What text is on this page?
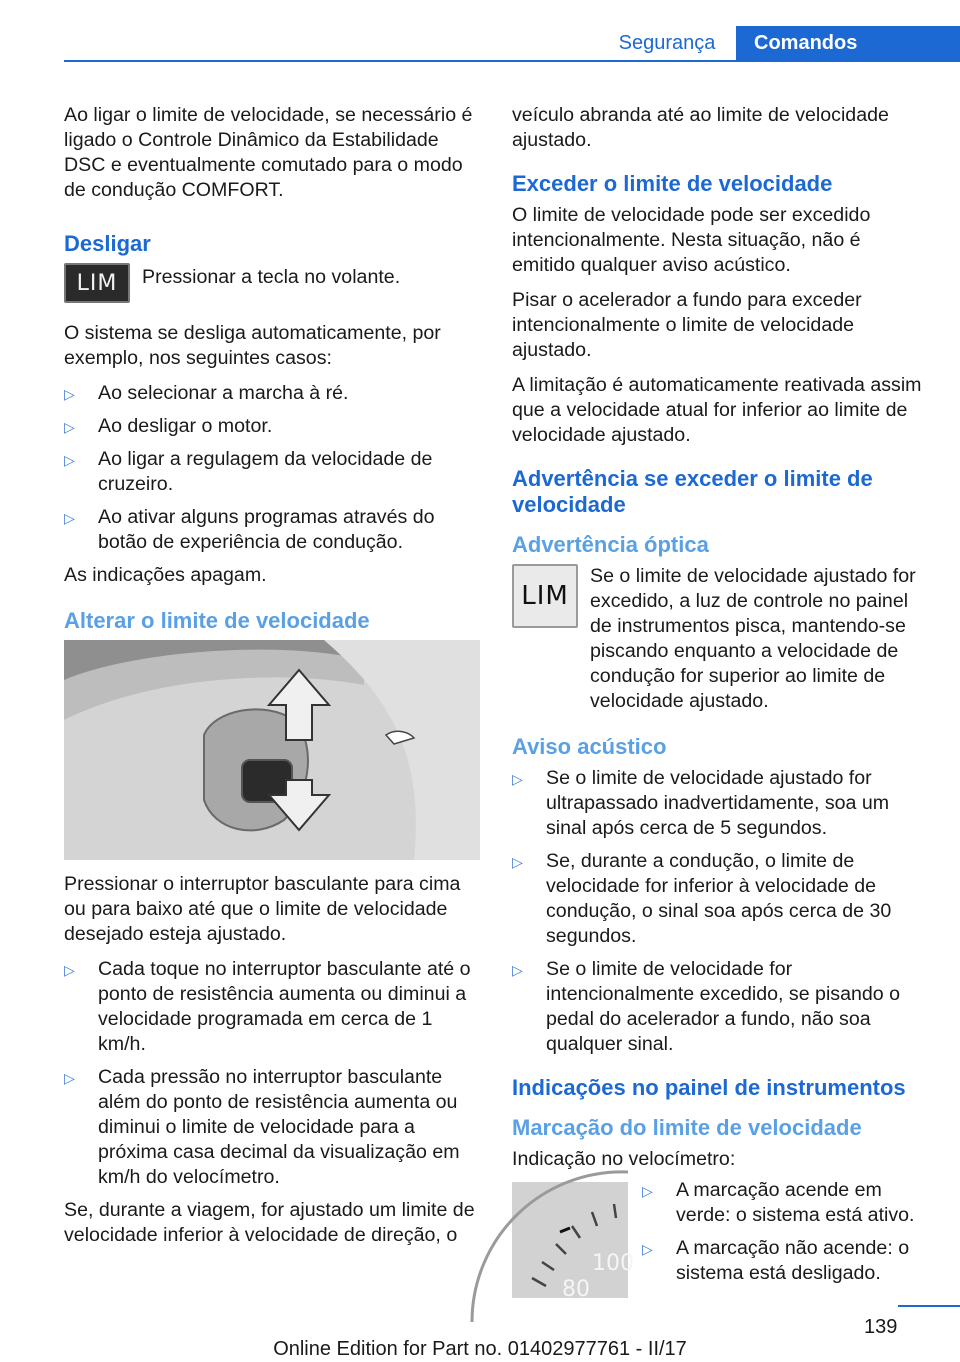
Segurança	Comandos

Ao ligar o limite de velocidade, se necessário é ligado o Controle Dinâmico da Estabilidade DSC e eventualmente comutado para o modo de condução COMFORT.

Desligar
LIM	Pressionar a tecla no volante.

O sistema se desliga automaticamente, por exemplo, nos seguintes casos:

▷ Ao selecionar a marcha à ré.
▷ Ao desligar o motor.
▷ Ao ligar a regulagem da velocidade de cruzeiro.
▷ Ao ativar alguns programas através do botão de experiência de condução.

As indicações apagam.

Alterar o limite de velocidade

Pressionar o interruptor basculante para cima ou para baixo até que o limite de velocidade desejado esteja ajustado.

▷ Cada toque no interruptor basculante até o ponto de resistência aumenta ou diminui a velocidade programada em cerca de 1 km/h.
▷ Cada pressão no interruptor basculante além do ponto de resistência aumenta ou diminui o limite de velocidade para a próxima casa decimal da visualização em km/h do velocímetro.

Se, durante a viagem, for ajustado um limite de velocidade inferior à velocidade de direção, o

veículo abranda até ao limite de velocidade ajustado.

Exceder o limite de velocidade

O limite de velocidade pode ser excedido intencionalmente. Nesta situação, não é emitido qualquer aviso acústico.

Pisar o acelerador a fundo para exceder intencionalmente o limite de velocidade ajustado.

A limitação é automaticamente reativada assim que a velocidade atual for inferior ao limite de velocidade ajustado.

Advertência se exceder o limite de velocidade
Advertência óptica
LIM
Se o limite de velocidade ajustado for excedido, a luz de controle no painel de instrumentos pisca, mantendo-se piscando enquanto a velocidade de condução for superior ao limite de velocidade ajustado.
Aviso acústico
▷ Se o limite de velocidade ajustado for ultrapassado inadvertidamente, soa um sinal após cerca de 5 segundos.
▷ Se, durante a condução, o limite de velocidade for inferior à velocidade de condução, o sinal soa após cerca de 30 segundos.
▷ Se o limite de velocidade for intencionalmente excedido, se pisando o pedal do acelerador a fundo, não soa qualquer sinal.
Indicações no painel de instrumentos
Marcação do limite de velocidade

Indicação no velocímetro:

100
80
▷ A marcação acende em verde: o sistema está ativo.
▷ A marcação não acende: o sistema está desligado.
139
Online Edition for Part no. 01402977761 - II/17
